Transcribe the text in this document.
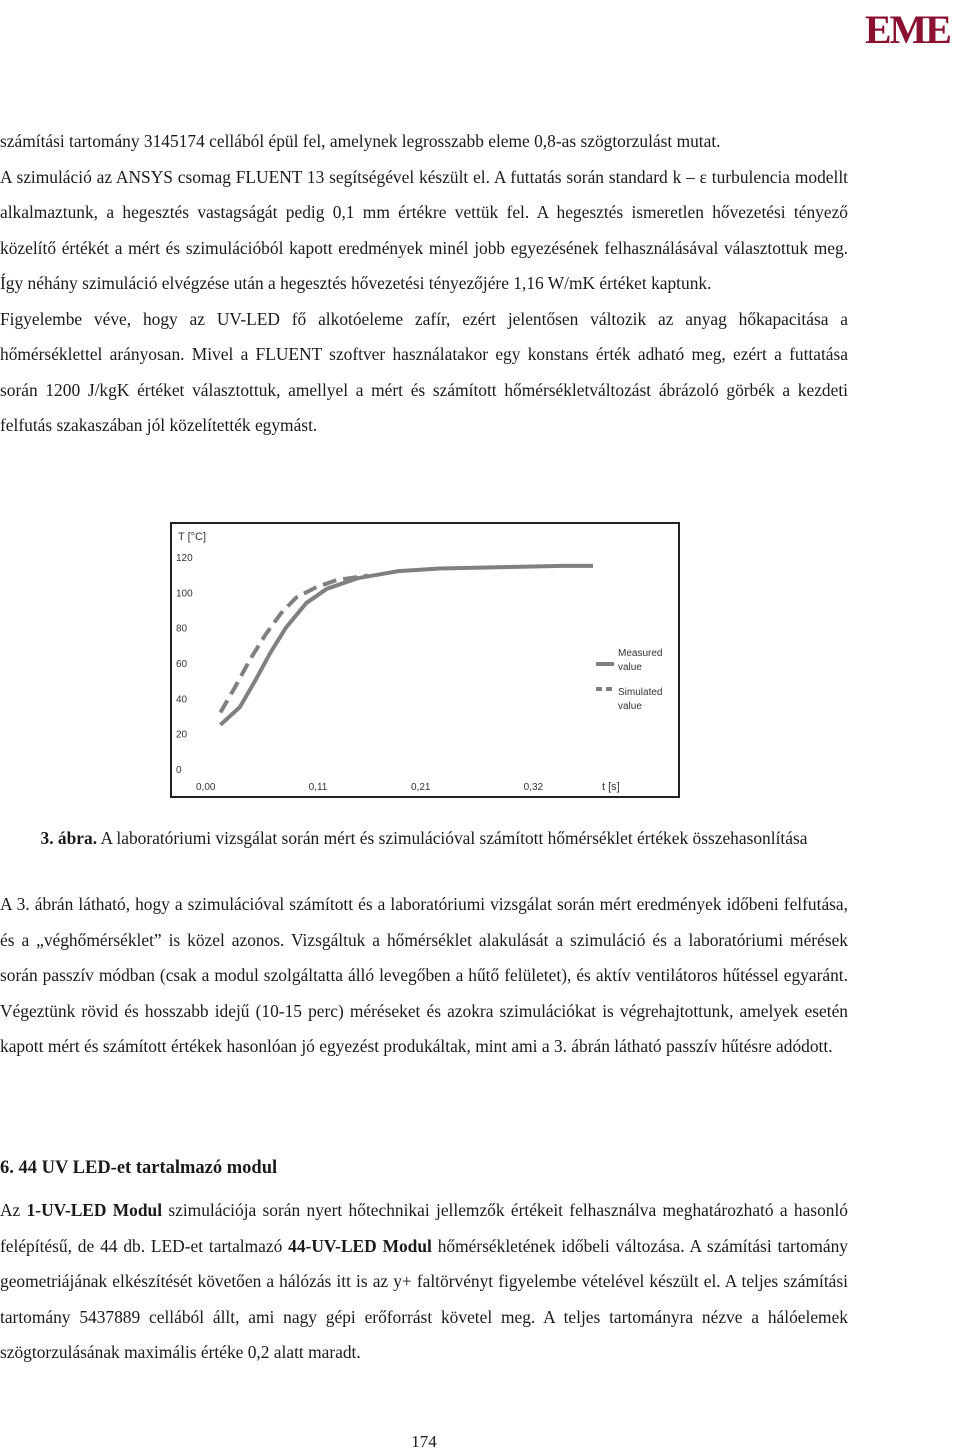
EME

számítási tartomány 3145174 cellából épül fel, amelynek legrosszabb eleme 0,8-as szögtorzulást mutat.

A szimuláció az ANSYS csomag FLUENT 13 segítségével készült el. A futtatás során standard k – ε turbulencia modellt alkalmaztunk, a hegesztés vastagságát pedig 0,1 mm értékre vettük fel. A hegesztés ismeretlen hővezetési tényező közelítő értékét a mért és szimulációból kapott eredmények minél jobb egyezésének felhasználásával választottuk meg. Így néhány szimuláció elvégzése után a hegesztés hővezetési tényezőjére 1,16 W/mK értéket kaptunk.

Figyelembe véve, hogy az UV-LED fő alkotóeleme zafír, ezért jelentősen változik az anyag hőkapacitása a hőmérséklettel arányosan. Mivel a FLUENT szoftver használatakor egy konstans érték adható meg, ezért a futtatása során 1200 J/kgK értéket választottuk, amellyel a mért és számított hőmérsékletváltozást ábrázoló görbék a kezdeti felfutás szakaszában jól közelítették egymást.

T [°C]
120
100
80
60
40
20
0
0,00	0,11	0,21	0,32	t [s]
Measured
value
Simulated
value
3. ábra. A laboratóriumi vizsgálat során mért és szimulációval számított hőmérséklet értékek összehasonlítása

A 3. ábrán látható, hogy a szimulációval számított és a laboratóriumi vizsgálat során mért eredmények időbeni felfutása, és a „véghőmérséklet” is közel azonos. Vizsgáltuk a hőmérséklet alakulását a szimuláció és a laboratóriumi mérések során passzív módban (csak a modul szolgáltatta álló levegőben a hűtő felületet), és aktív ventilátoros hűtéssel egyaránt. Végeztünk rövid és hosszabb idejű (10-15 perc) méréseket és azokra szimulációkat is végrehajtottunk, amelyek esetén kapott mért és számított értékek hasonlóan jó egyezést produkáltak, mint ami a 3. ábrán látható passzív hűtésre adódott.

6. 44 UV LED-et tartalmazó modul

Az 1-UV-LED Modul szimulációja során nyert hőtechnikai jellemzők értékeit felhasználva meghatározható a hasonló felépítésű, de 44 db. LED-et tartalmazó 44-UV-LED Modul hőmérsékletének időbeli változása. A számítási tartomány geometriájának elkészítését követően a hálózás itt is az y+ faltörvényt figyelembe vételével készült el. A teljes számítási tartomány 5437889 cellából állt, ami nagy gépi erőforrást követel meg. A teljes tartományra nézve a hálóelemek szögtorzulásának maximális értéke 0,2 alatt maradt.

174
